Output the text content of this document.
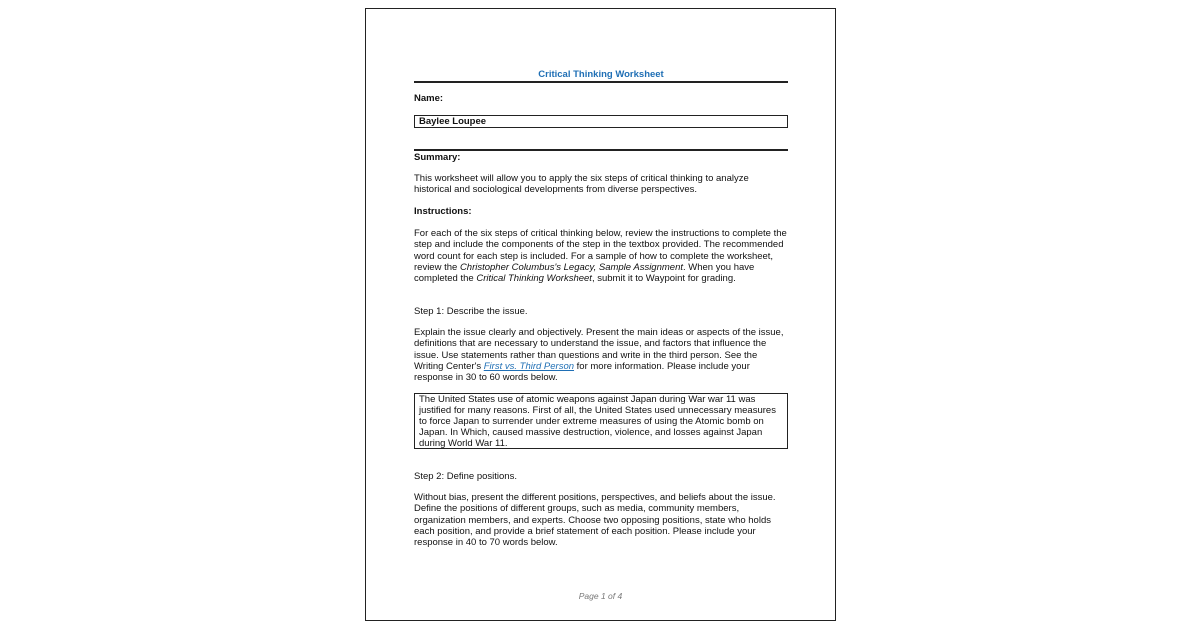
Critical Thinking Worksheet
Name:
Baylee Loupee
Summary:
This worksheet will allow you to apply the six steps of critical thinking to analyze historical and sociological developments from diverse perspectives.
Instructions:
For each of the six steps of critical thinking below, review the instructions to complete the step and include the components of the step in the textbox provided. The recommended word count for each step is included. For a sample of how to complete the worksheet, review the Christopher Columbus's Legacy, Sample Assignment. When you have completed the Critical Thinking Worksheet, submit it to Waypoint for grading.
Step 1: Describe the issue.
Explain the issue clearly and objectively. Present the main ideas or aspects of the issue, definitions that are necessary to understand the issue, and factors that influence the issue. Use statements rather than questions and write in the third person. See the Writing Center's First vs. Third Person for more information. Please include your response in 30 to 60 words below.
The United States use of atomic weapons against Japan during War war 11 was justified for many reasons. First of all, the United States used unnecessary measures to force Japan to surrender under extreme measures of using the Atomic bomb on Japan. In Which, caused massive destruction, violence, and losses against Japan during World War 11.
Step 2: Define positions.
Without bias, present the different positions, perspectives, and beliefs about the issue. Define the positions of different groups, such as media, community members, organization members, and experts. Choose two opposing positions, state who holds each position, and provide a brief statement of each position. Please include your response in 40 to 70 words below.
Page 1 of 4
